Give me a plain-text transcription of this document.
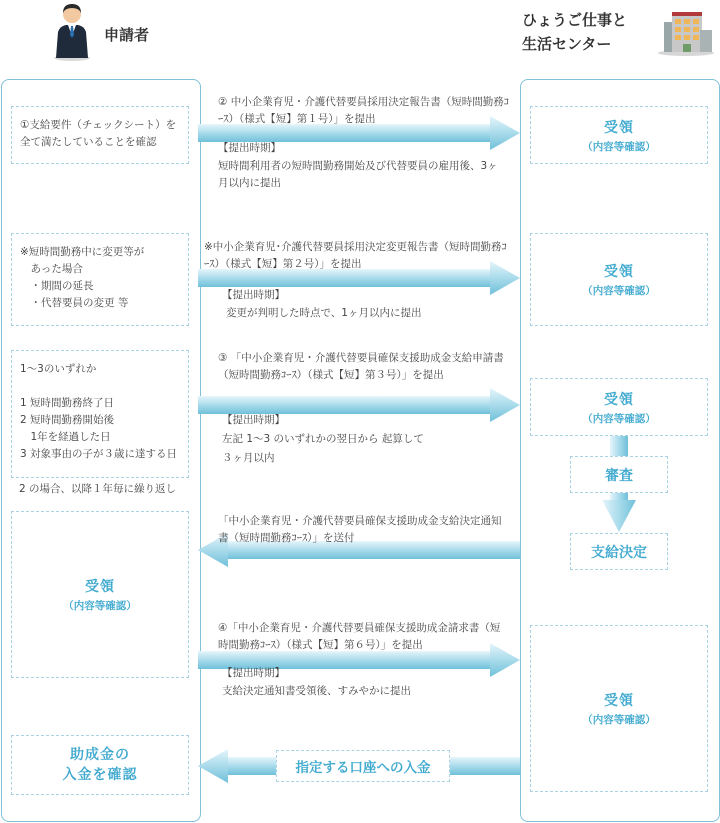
申請者
ひょうご仕事と
生活センター
①支給要件（チェックシート）を全て満たしていることを確認
※短時間勤務中に変更等が
　あった場合
　・期間の延長
　・代替要員の変更 等
1～3のいずれか
1 短時間勤務終了日
2 短時間勤務開始後
　1年を経過した日
3 対象事由の子が３歳に達する日
2 の場合、以降１年毎に繰り返し
受領
（内容等確認）
助成金の
入金を確認
受領
（内容等確認）
受領
（内容等確認）
受領
（内容等確認）
審査
支給決定
受領
（内容等確認）
② 中小企業育児・介護代替要員採用決定報告書（短時間勤務ｺｰｽ）（様式【短】第１号）」を提出
【提出時期】
短時間利用者の短時間勤務開始及び代替要員の雇用後、3ヶ月以内に提出
※中小企業育児･介護代替要員採用決定変更報告書（短時間勤務ｺｰｽ）（様式【短】第２号）」を提出
【提出時期】
変更が判明した時点で、1ヶ月以内に提出
③ 「中小企業育児・介護代替要員確保支援助成金支給申請書（短時間勤務ｺｰｽ）（様式【短】第３号）」を提出
【提出時期】
左記 1～3 のいずれかの翌日から 起算して
３ヶ月以内
「中小企業育児・介護代替要員確保支援助成金支給決定通知書（短時間勤務ｺｰｽ）」を送付
④「中小企業育児・介護代替要員確保支援助成金請求書（短時間勤務ｺｰｽ）（様式【短】第６号）」を提出
【提出時期】
支給決定通知書受領後、すみやかに提出
指定する口座への入金
